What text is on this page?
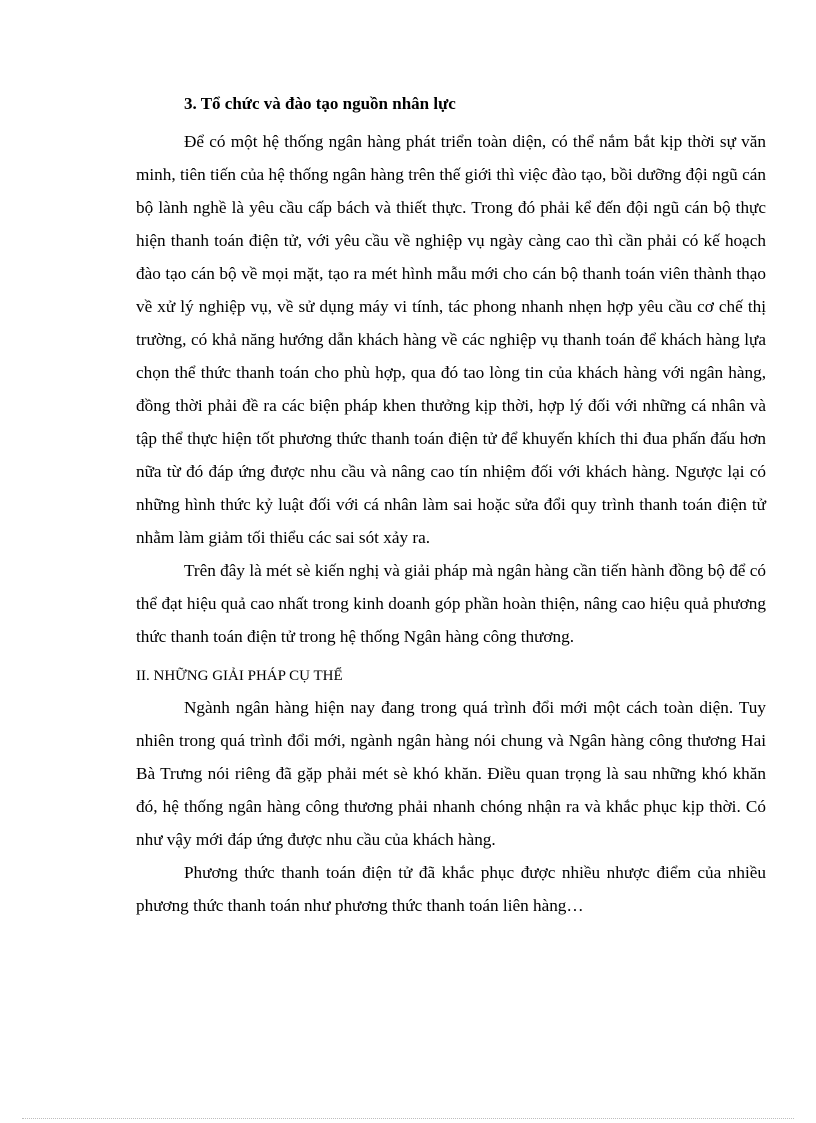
3. Tổ chức và đào tạo nguồn nhân lực

Để có một hệ thống ngân hàng phát triển toàn diện, có thể nắm bắt kịp thời sự văn minh, tiên tiến của hệ thống ngân hàng trên thế giới thì việc đào tạo, bồi dưỡng đội ngũ cán bộ lành nghề là yêu cầu cấp bách và thiết thực. Trong đó phải kể đến đội ngũ cán bộ thực hiện thanh toán điện tử, với yêu cầu về nghiệp vụ ngày càng cao thì cần phải có kế hoạch đào tạo cán bộ về mọi mặt, tạo ra mét hình mẫu mới cho cán bộ thanh toán viên thành thạo về xử lý nghiệp vụ, về sử dụng máy vi tính, tác phong nhanh nhẹn hợp yêu cầu cơ chế thị trường, có khả năng hướng dẫn khách hàng về các nghiệp vụ thanh toán để khách hàng lựa chọn thể thức thanh toán cho phù hợp, qua đó tao lòng tin của khách hàng với ngân hàng, đồng thời phải đề ra các biện pháp khen thưởng kịp thời, hợp lý đối với những cá nhân và tập thể thực hiện tốt phương thức thanh toán điện tử để khuyến khích thi đua phấn đấu hơn nữa từ đó đáp ứng được nhu cầu và nâng cao tín nhiệm đối với khách hàng. Ngược lại có những hình thức kỷ luật đối với cá nhân làm sai hoặc sửa đổi quy trình thanh toán điện tử nhằm làm giảm tối thiểu các sai sót xảy ra.

Trên đây là mét sè kiến nghị và giải pháp mà ngân hàng cần tiến hành đồng bộ để có thể đạt hiệu quả cao nhất trong kinh doanh góp phần hoàn thiện, nâng cao hiệu quả phương thức thanh toán điện tử trong hệ thống Ngân hàng công thương.

II. NHỮNG GIẢI PHÁP CỤ THỂ

Ngành ngân hàng hiện nay đang trong quá trình đổi mới một cách toàn diện. Tuy nhiên trong quá trình đổi mới, ngành ngân hàng nói chung và Ngân hàng công thương Hai Bà Trưng nói riêng đã gặp phải mét sè khó khăn. Điều quan trọng là sau những khó khăn đó, hệ thống ngân hàng công thương phải nhanh chóng nhận ra và khắc phục kịp thời. Có như vậy mới đáp ứng được nhu cầu của khách hàng.

Phương thức thanh toán điện tử đã khắc phục được nhiều nhược điểm của nhiều phương thức thanh toán như phương thức thanh toán liên hàng…
